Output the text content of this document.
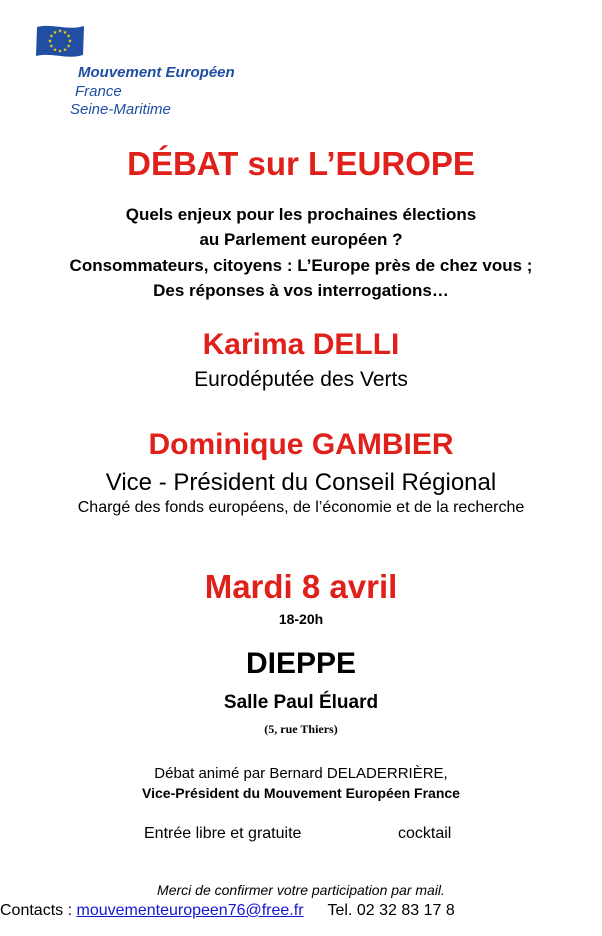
Mouvement Européen
France
Seine-Maritime
DÉBAT sur L’EUROPE
Quels enjeux pour les prochaines élections
au Parlement européen ?
Consommateurs, citoyens : L’Europe près de chez vous ;
Des réponses à vos interrogations…
Karima DELLI
Eurodéputée des Verts
Dominique GAMBIER
Vice - Président du Conseil Régional
Chargé des fonds européens, de l’économie et de la recherche
Mardi 8 avril
18-20h
DIEPPE
Salle Paul Éluard
(5, rue Thiers)
Débat animé par Bernard DELADERRIÈRE,
Vice-Président du Mouvement Européen France
Entrée libre et gratuite	cocktail
Merci de confirmer votre participation par mail.
Contacts : mouvementeuropeen76@free.fr Tel. 02 32 83 17 8
